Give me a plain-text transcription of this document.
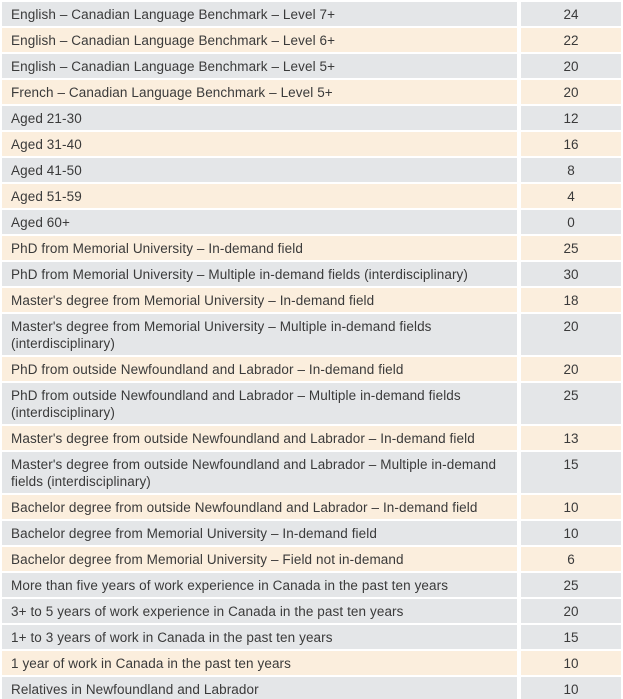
English – Canadian Language Benchmark – Level 7+	24
English – Canadian Language Benchmark – Level 6+	22
English – Canadian Language Benchmark – Level 5+	20
French – Canadian Language Benchmark – Level 5+	20
Aged 21-30	12
Aged 31-40	16
Aged 41-50	8
Aged 51-59	4
Aged 60+	0
PhD from Memorial University – In-demand field	25
PhD from Memorial University – Multiple in-demand fields (interdisciplinary)	30
Master's degree from Memorial University – In-demand field	18
Master's degree from Memorial University – Multiple in-demand fields (interdisciplinary)	20
PhD from outside Newfoundland and Labrador – In-demand field	20
PhD from outside Newfoundland and Labrador – Multiple in-demand fields (interdisciplinary)	25
Master's degree from outside Newfoundland and Labrador – In-demand field	13
Master's degree from outside Newfoundland and Labrador – Multiple in-demand fields (interdisciplinary)	15
Bachelor degree from outside Newfoundland and Labrador – In-demand field	10
Bachelor degree from Memorial University – In-demand field	10
Bachelor degree from Memorial University – Field not in-demand	6
More than five years of work experience in Canada in the past ten years	25
3+ to 5 years of work experience in Canada in the past ten years	20
1+ to 3 years of work in Canada in the past ten years	15
1 year of work in Canada in the past ten years	10
Relatives in Newfoundland and Labrador	10
